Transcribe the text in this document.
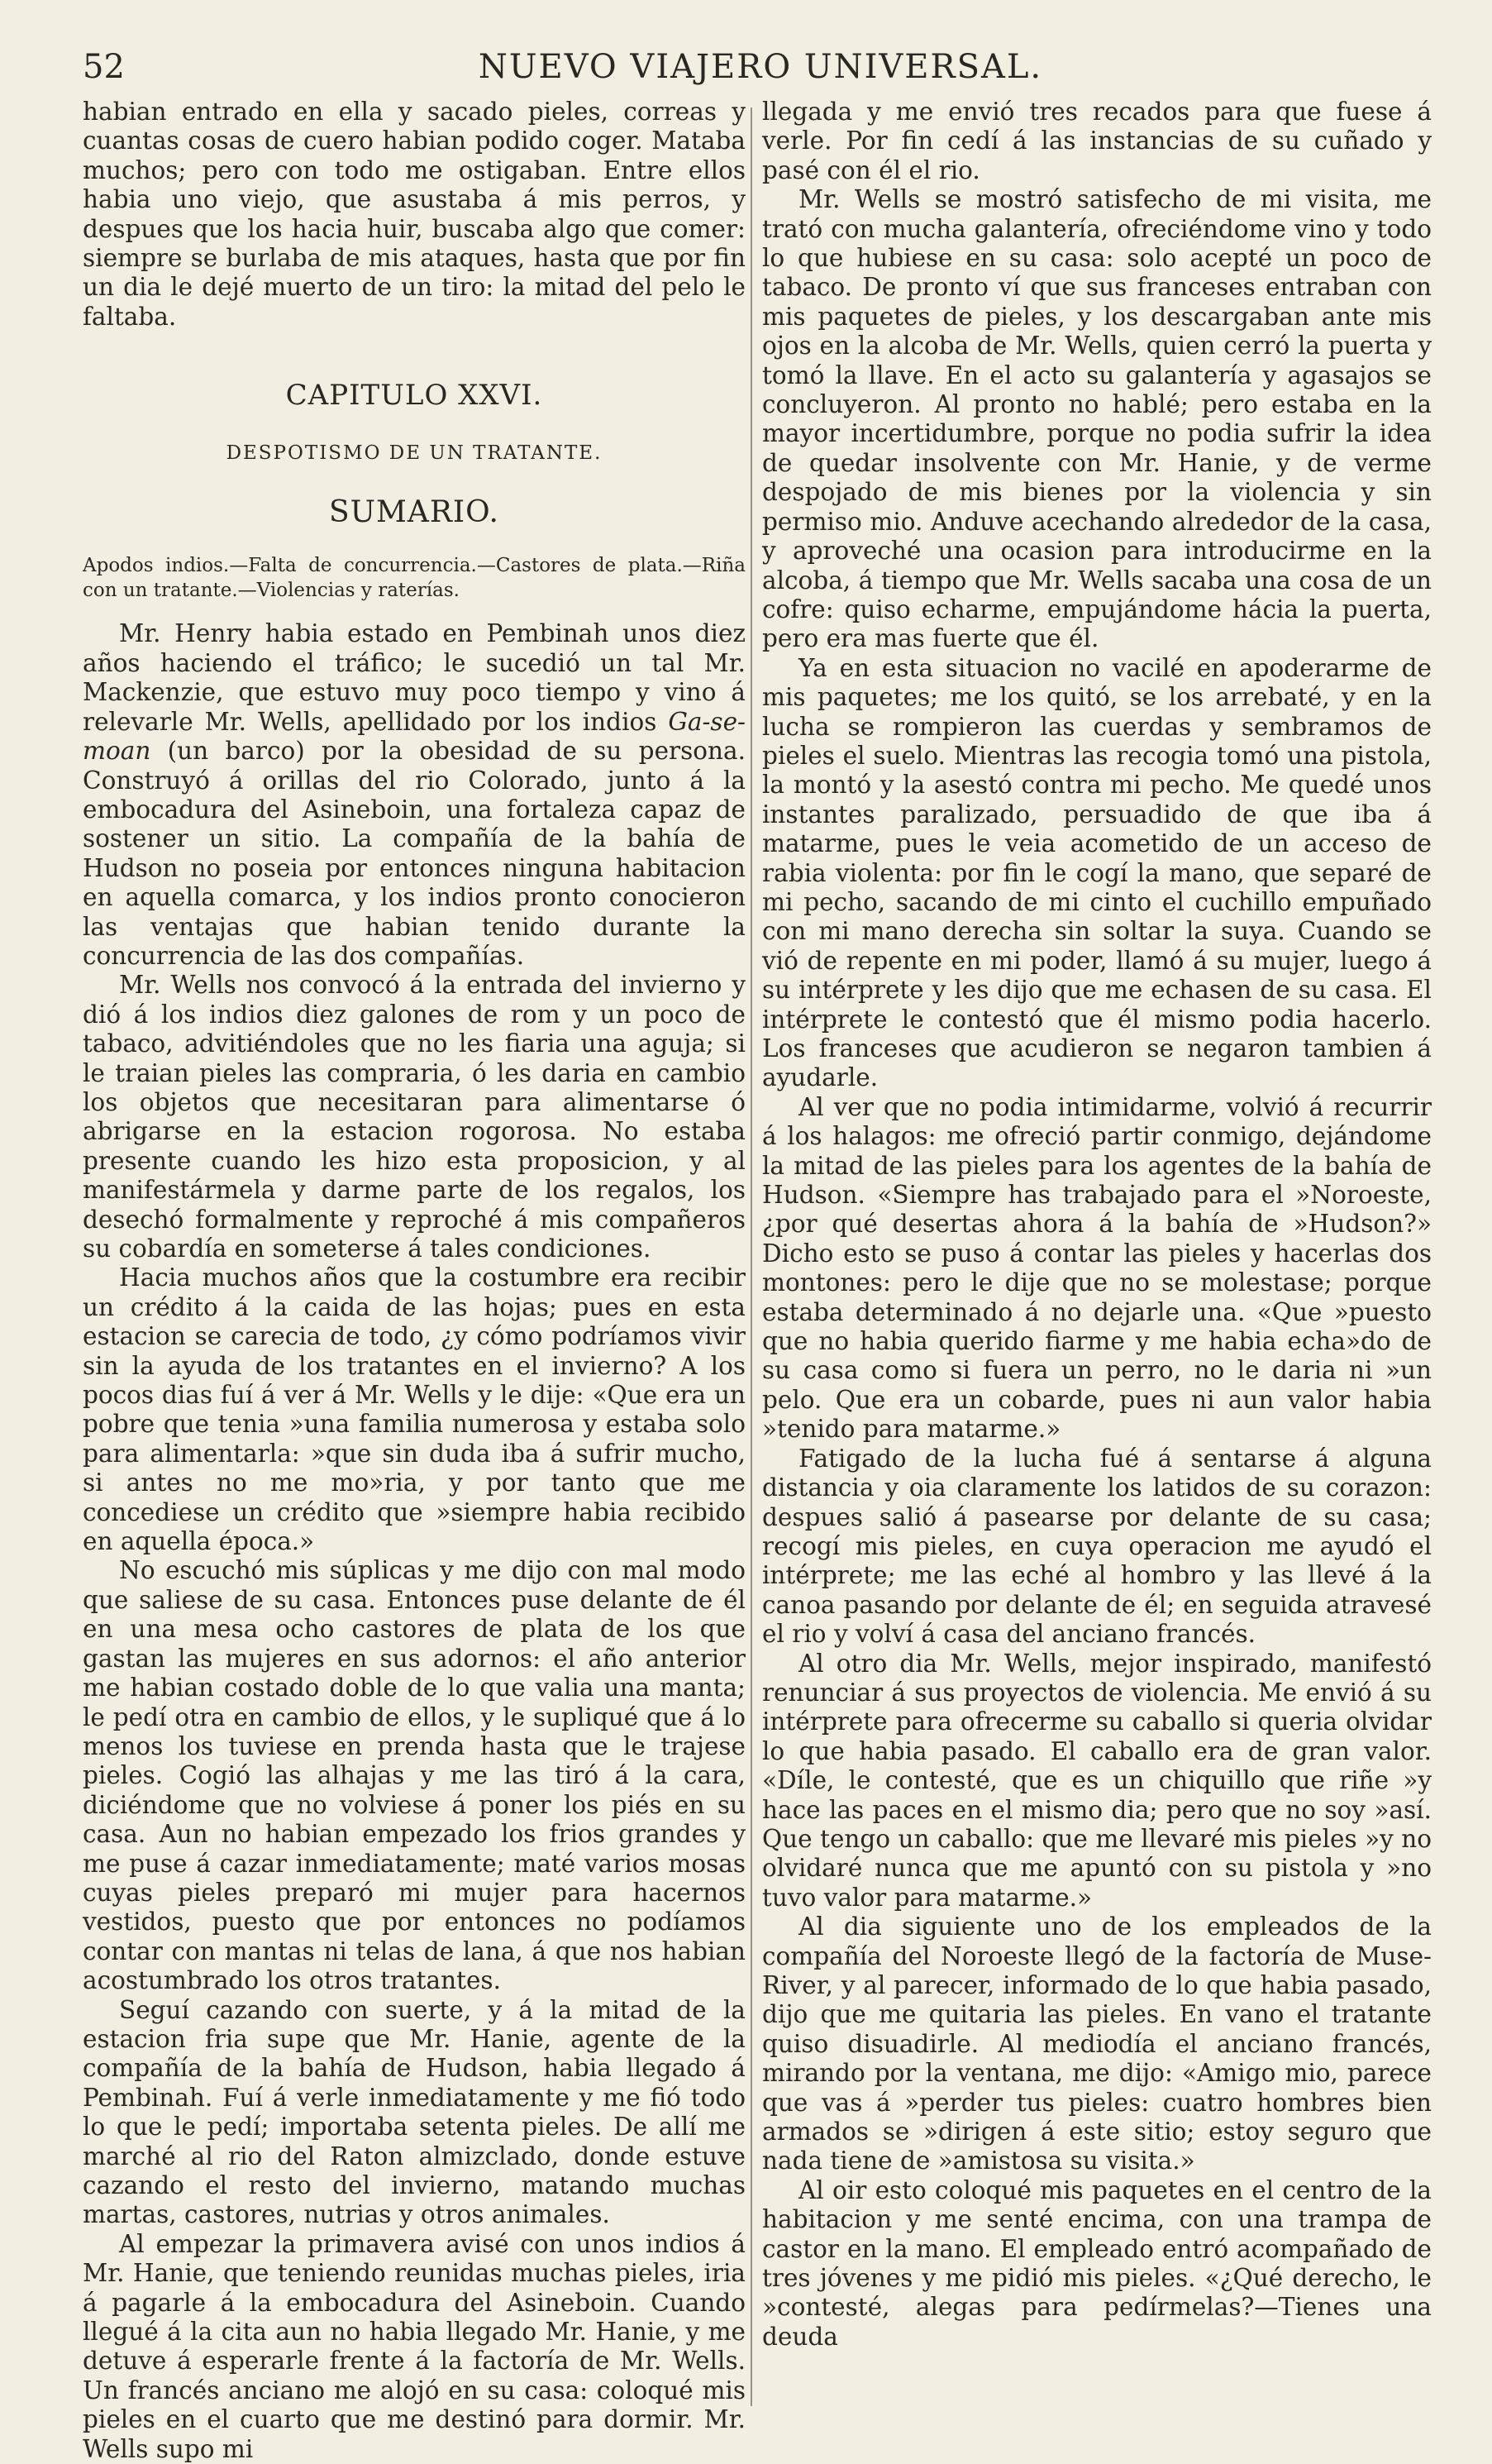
52	NUEVO VIAJERO UNIVERSAL.

habian entrado en ella y sacado pieles, correas y cuantas cosas de cuero habian podido coger. Mataba muchos; pero con todo me ostigaban. Entre ellos habia uno viejo, que asustaba á mis perros, y despues que los hacia huir, buscaba algo que comer: siempre se burlaba de mis ataques, hasta que por fin un dia le dejé muerto de un tiro: la mitad del pelo le faltaba.

CAPITULO XXVI.
DESPOTISMO DE UN TRATANTE.
SUMARIO.

Apodos indios.—Falta de concurrencia.—Castores de plata.—Riña con un tratante.—Violencias y raterías.

Mr. Henry habia estado en Pembinah unos diez años haciendo el tráfico; le sucedió un tal Mr. Mackenzie, que estuvo muy poco tiempo y vino á relevarle Mr. Wells, apellidado por los indios Ga-se-moan (un barco) por la obesidad de su persona. Construyó á orillas del rio Colorado, junto á la embocadura del Asineboin, una fortaleza capaz de sostener un sitio. La compañía de la bahía de Hudson no poseia por entonces ninguna habitacion en aquella comarca, y los indios pronto conocieron las ventajas que habian tenido durante la concurrencia de las dos compañías.

Mr. Wells nos convocó á la entrada del invierno y dió á los indios diez galones de rom y un poco de tabaco, advitiéndoles que no les fiaria una aguja; si le traian pieles las compraria, ó les daria en cambio los objetos que necesitaran para alimentarse ó abrigarse en la estacion rogorosa. No estaba presente cuando les hizo esta proposicion, y al manifestármela y darme parte de los regalos, los desechó formalmente y reproché á mis compañeros su cobardía en someterse á tales condiciones.

Hacia muchos años que la costumbre era recibir un crédito á la caida de las hojas; pues en esta estacion se carecia de todo, ¿y cómo podríamos vivir sin la ayuda de los tratantes en el invierno? A los pocos dias fuí á ver á Mr. Wells y le dije: «Que era un pobre que tenia »una familia numerosa y estaba solo para alimentarla: »que sin duda iba á sufrir mucho, si antes no me mo»ria, y por tanto que me concediese un crédito que »siempre habia recibido en aquella época.»

No escuchó mis súplicas y me dijo con mal modo que saliese de su casa. Entonces puse delante de él en una mesa ocho castores de plata de los que gastan las mujeres en sus adornos: el año anterior me habian costado doble de lo que valia una manta; le pedí otra en cambio de ellos, y le supliqué que á lo menos los tuviese en prenda hasta que le trajese pieles. Cogió las alhajas y me las tiró á la cara, diciéndome que no volviese á poner los piés en su casa. Aun no habian empezado los frios grandes y me puse á cazar inmediatamente; maté varios mosas cuyas pieles preparó mi mujer para hacernos vestidos, puesto que por entonces no podíamos contar con mantas ni telas de lana, á que nos habian acostumbrado los otros tratantes.

Seguí cazando con suerte, y á la mitad de la estacion fria supe que Mr. Hanie, agente de la compañía de la bahía de Hudson, habia llegado á Pembinah. Fuí á verle inmediatamente y me fió todo lo que le pedí; importaba setenta pieles. De allí me marché al rio del Raton almizclado, donde estuve cazando el resto del invierno, matando muchas martas, castores, nutrias y otros animales.

Al empezar la primavera avisé con unos indios á Mr. Hanie, que teniendo reunidas muchas pieles, iria á pagarle á la embocadura del Asineboin. Cuando llegué á la cita aun no habia llegado Mr. Hanie, y me detuve á esperarle frente á la factoría de Mr. Wells. Un francés anciano me alojó en su casa: coloqué mis pieles en el cuarto que me destinó para dormir. Mr. Wells supo mi

llegada y me envió tres recados para que fuese á verle. Por fin cedí á las instancias de su cuñado y pasé con él el rio.

Mr. Wells se mostró satisfecho de mi visita, me trató con mucha galantería, ofreciéndome vino y todo lo que hubiese en su casa: solo acepté un poco de tabaco. De pronto ví que sus franceses entraban con mis paquetes de pieles, y los descargaban ante mis ojos en la alcoba de Mr. Wells, quien cerró la puerta y tomó la llave. En el acto su galantería y agasajos se concluyeron. Al pronto no hablé; pero estaba en la mayor incertidumbre, porque no podia sufrir la idea de quedar insolvente con Mr. Hanie, y de verme despojado de mis bienes por la violencia y sin permiso mio. Anduve acechando alrededor de la casa, y aproveché una ocasion para introducirme en la alcoba, á tiempo que Mr. Wells sacaba una cosa de un cofre: quiso echarme, empujándome hácia la puerta, pero era mas fuerte que él.

Ya en esta situacion no vacilé en apoderarme de mis paquetes; me los quitó, se los arrebaté, y en la lucha se rompieron las cuerdas y sembramos de pieles el suelo. Mientras las recogia tomó una pistola, la montó y la asestó contra mi pecho. Me quedé unos instantes paralizado, persuadido de que iba á matarme, pues le veia acometido de un acceso de rabia violenta: por fin le cogí la mano, que separé de mi pecho, sacando de mi cinto el cuchillo empuñado con mi mano derecha sin soltar la suya. Cuando se vió de repente en mi poder, llamó á su mujer, luego á su intérprete y les dijo que me echasen de su casa. El intérprete le contestó que él mismo podia hacerlo. Los franceses que acudieron se negaron tambien á ayudarle.

Al ver que no podia intimidarme, volvió á recurrir á los halagos: me ofreció partir conmigo, dejándome la mitad de las pieles para los agentes de la bahía de Hudson. «Siempre has trabajado para el »Noroeste, ¿por qué desertas ahora á la bahía de »Hudson?» Dicho esto se puso á contar las pieles y hacerlas dos montones: pero le dije que no se molestase; porque estaba determinado á no dejarle una. «Que »puesto que no habia querido fiarme y me habia echa»do de su casa como si fuera un perro, no le daria ni »un pelo. Que era un cobarde, pues ni aun valor habia »tenido para matarme.»

Fatigado de la lucha fué á sentarse á alguna distancia y oia claramente los latidos de su corazon: despues salió á pasearse por delante de su casa; recogí mis pieles, en cuya operacion me ayudó el intérprete; me las eché al hombro y las llevé á la canoa pasando por delante de él; en seguida atravesé el rio y volví á casa del anciano francés.

Al otro dia Mr. Wells, mejor inspirado, manifestó renunciar á sus proyectos de violencia. Me envió á su intérprete para ofrecerme su caballo si queria olvidar lo que habia pasado. El caballo era de gran valor. «Díle, le contesté, que es un chiquillo que riñe »y hace las paces en el mismo dia; pero que no soy »así. Que tengo un caballo: que me llevaré mis pieles »y no olvidaré nunca que me apuntó con su pistola y »no tuvo valor para matarme.»

Al dia siguiente uno de los empleados de la compañía del Noroeste llegó de la factoría de Muse-River, y al parecer, informado de lo que habia pasado, dijo que me quitaria las pieles. En vano el tratante quiso disuadirle. Al mediodía el anciano francés, mirando por la ventana, me dijo: «Amigo mio, parece que vas á »perder tus pieles: cuatro hombres bien armados se »dirigen á este sitio; estoy seguro que nada tiene de »amistosa su visita.»

Al oir esto coloqué mis paquetes en el centro de la habitacion y me senté encima, con una trampa de castor en la mano. El empleado entró acompañado de tres jóvenes y me pidió mis pieles. «¿Qué derecho, le »contesté, alegas para pedírmelas?—Tienes una deuda
